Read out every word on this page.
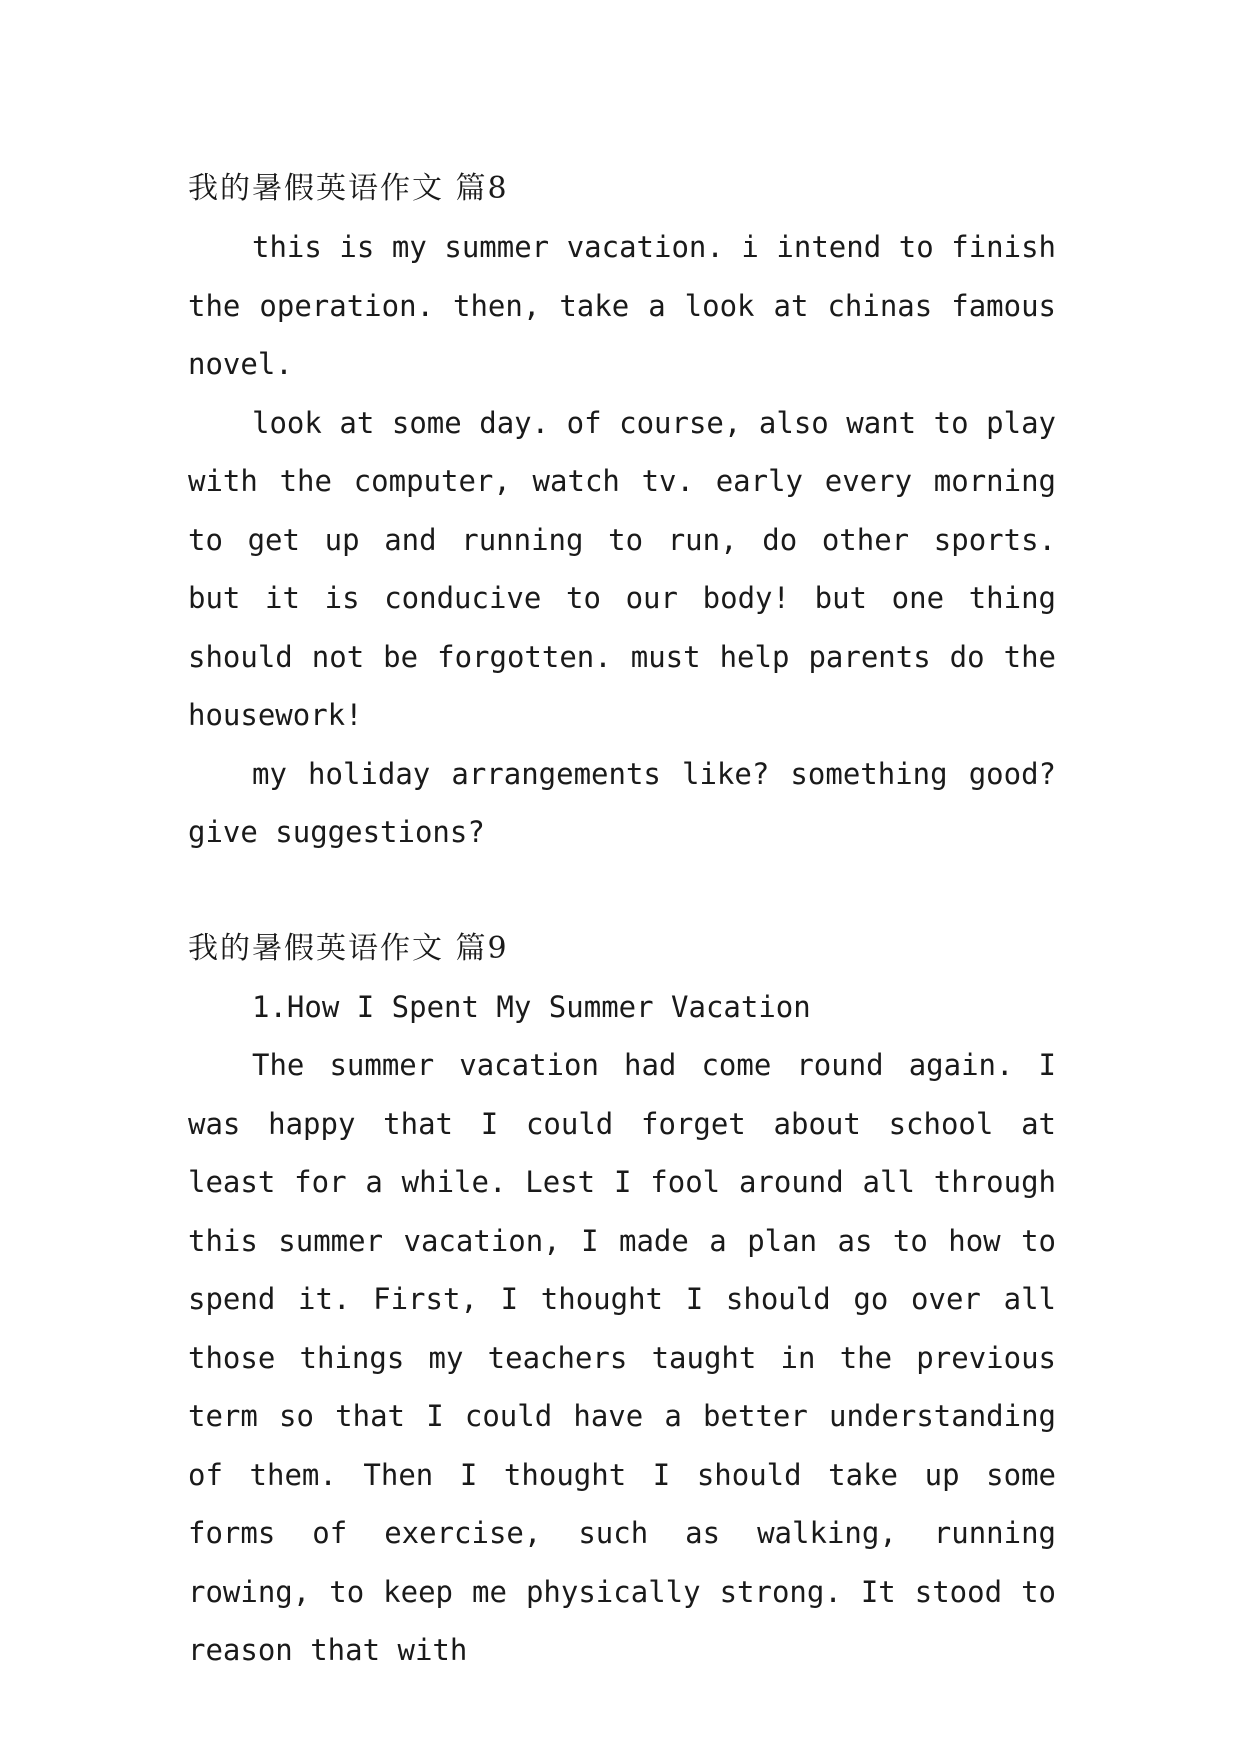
我的暑假英语作文 篇8

this is my summer vacation. i intend to finish the operation. then, take a look at chinas famous novel.

look at some day. of course, also want to play with the computer, watch tv. early every morning to get up and running to run, do other sports. but it is conducive to our body! but one thing should not be forgotten. must help parents do the housework!

my holiday arrangements like? something good? give suggestions?

我的暑假英语作文 篇9

1.How I Spent My Summer Vacation

The summer vacation had come round again. I was happy that I could forget about school at least for a while. Lest I fool around all through this summer vacation, I made a plan as to how to spend it. First, I thought I should go over all those things my teachers taught in the previous term so that I could have a better understanding of them. Then I thought I should take up some forms of exercise, such as walking, running rowing, to keep me physically strong. It stood to reason that with
